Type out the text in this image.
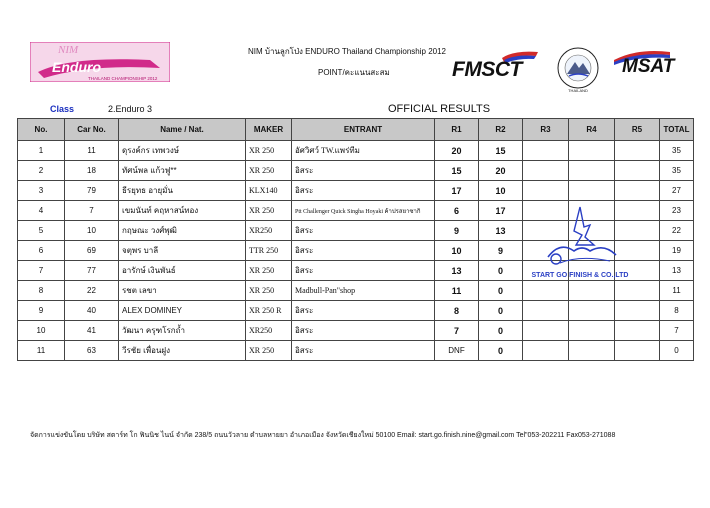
NIM
Enduro
THAILAND CHAMPIONSHIP 2012
NIM บ้านลูกโป่ง ENDURO Thailand Championship 2012
POINT/คะแนนสะสม	FMSCT
THAILAND
MSAT
Class	2.Enduro 3	OFFICIAL RESULTS
No.	Car No.	Name / Nat.	MAKER	ENTRANT	R1	R2	R3	R4	R5	TOTAL
1	11	ดุรงค์กร เทพวงษ์	XR 250	อัศวิศว์ TW.แพร่ทีม	20	15				35
2	18	ทัศน์พล แก้วฟู**	XR 250	อิสระ	15	20				35
3	79	ธีรยุทธ อายุมั่น	KLX140	อิสระ	17	10				27
4	7	เขมนันท์ คฤหาสน์ทอง	XR 250	Ptt Challenger Quick Singha Hoyaki ค้าปรสยาซากิ	6	17				23
5	10	กฤษณะ วงศ์พุฒิ	XR250	อิสระ	9	13				22
6	69	จตุพร บาลี	TTR 250	อิสระ	10	9				19
7	77	อารักษ์ เงินพันธ์	XR 250	อิสระ	13	0				13
8	22	รชต เลขา	XR 250	Madbull-Pan"shop	11	0				11
9	40	ALEX DOMINEY	XR 250 R	อิสระ	8	0				8
10	41	วัฒนา ครุฑโรกถ้ำ	XR250	อิสระ	7	0				7
11	63	วีรชัย เพื่อนฝูง	XR 250	อิสระ	DNF	0				0
START GO FINISH & CO.,LTD
จัดการแข่งขันโดย บริษัท สตาร์ท โก ฟินนิช ไนน์ จำกัด 238/5 ถนนวัวลาย ตำบลหายยา อำเภอเมือง จังหวัดเชียงใหม่ 50100 Email: start.go.finish.nine@gmail.com Tel"053-202211 Fax053-271088
